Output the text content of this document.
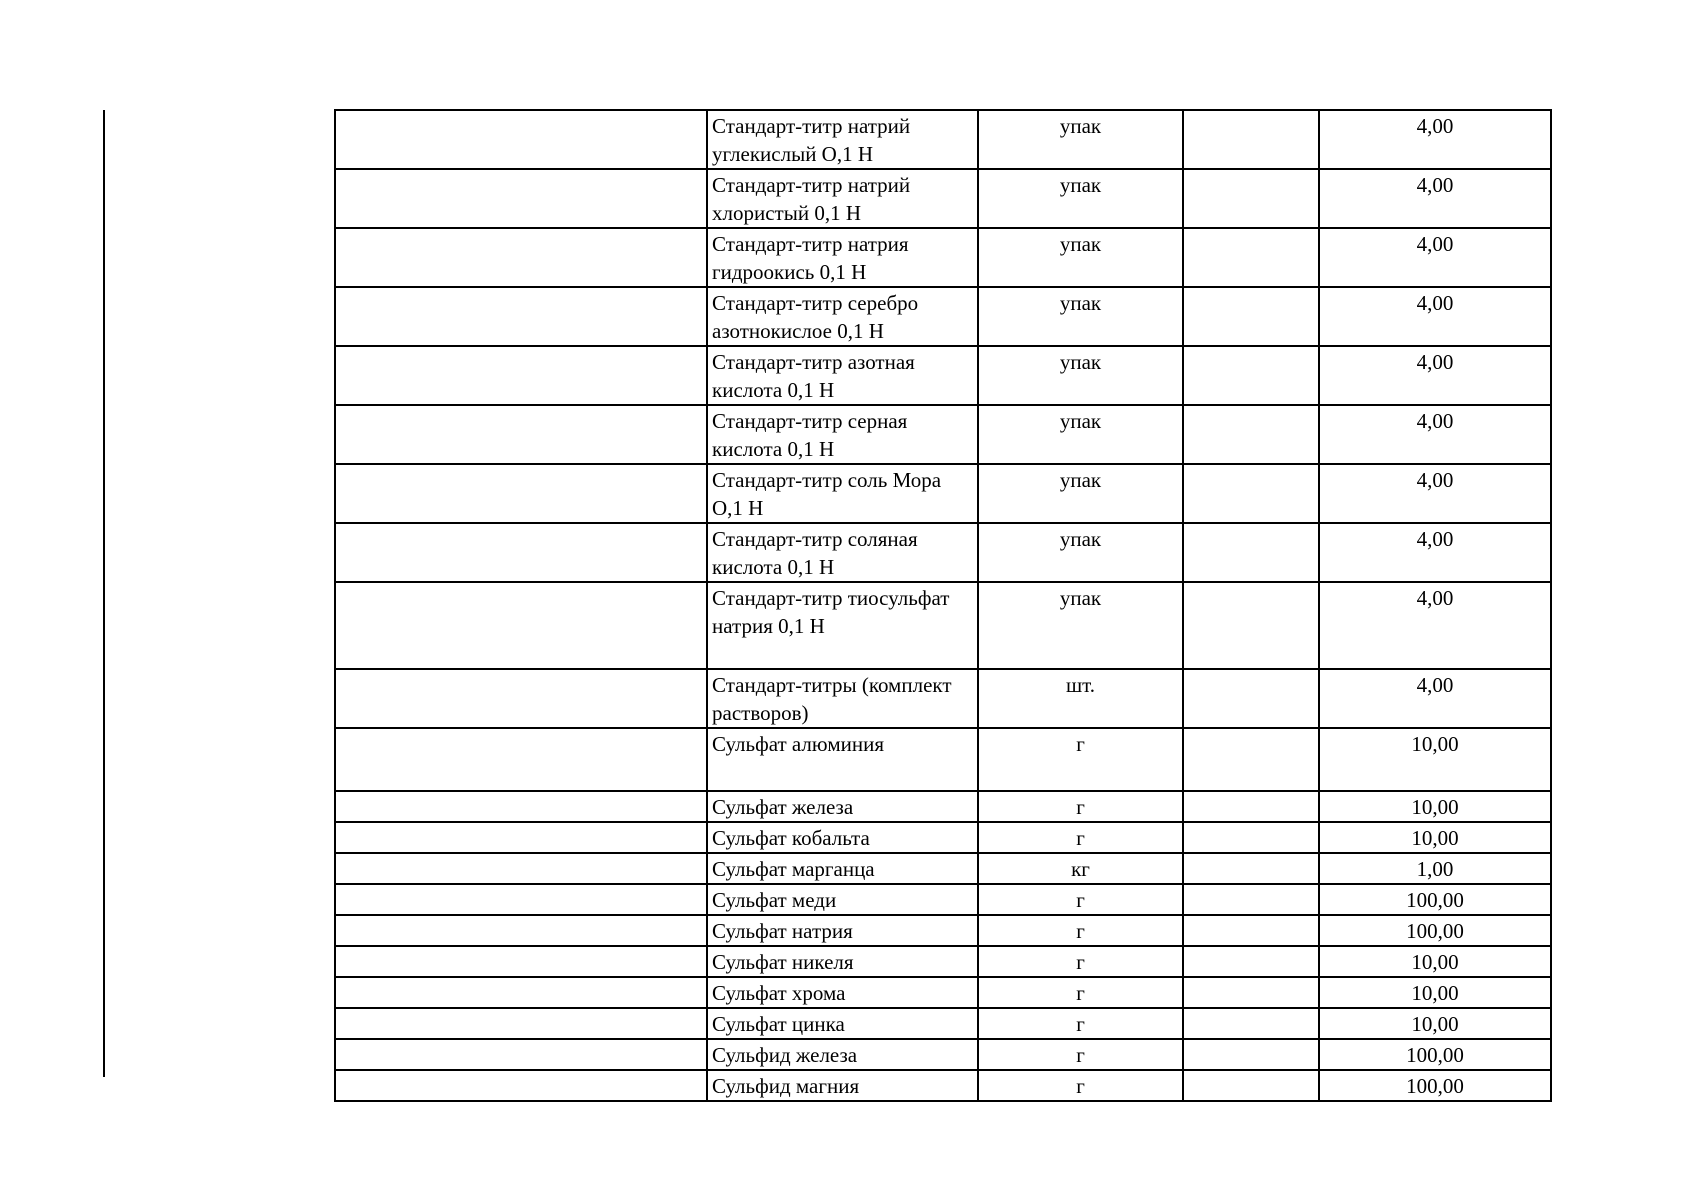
	Стандарт-титр натрий углекислый О,1 Н	упак		4,00
	Стандарт-титр натрий хлористый 0,1 Н	упак		4,00
	Стандарт-титр натрия гидроокись 0,1 Н	упак		4,00
	Стандарт-титр серебро азотнокислое 0,1 Н	упак		4,00
	Стандарт-титр азотная кислота 0,1 Н	упак		4,00
	Стандарт-титр серная кислота 0,1 Н	упак		4,00
	Стандарт-титр соль Мора О,1 Н	упак		4,00
	Стандарт-титр соляная кислота 0,1 Н	упак		4,00
	Стандарт-титр тиосульфат натрия 0,1 Н	упак		4,00
	Стандарт-титры (комплект растворов)	шт.		4,00
	Сульфат алюминия	г		10,00
	Сульфат железа	г		10,00
	Сульфат кобальта	г		10,00
	Сульфат марганца	кг		1,00
	Сульфат меди	г		100,00
	Сульфат натрия	г		100,00
	Сульфат никеля	г		10,00
	Сульфат хрома	г		10,00
	Сульфат цинка	г		10,00
	Сульфид железа	г		100,00
	Сульфид магния	г		100,00
